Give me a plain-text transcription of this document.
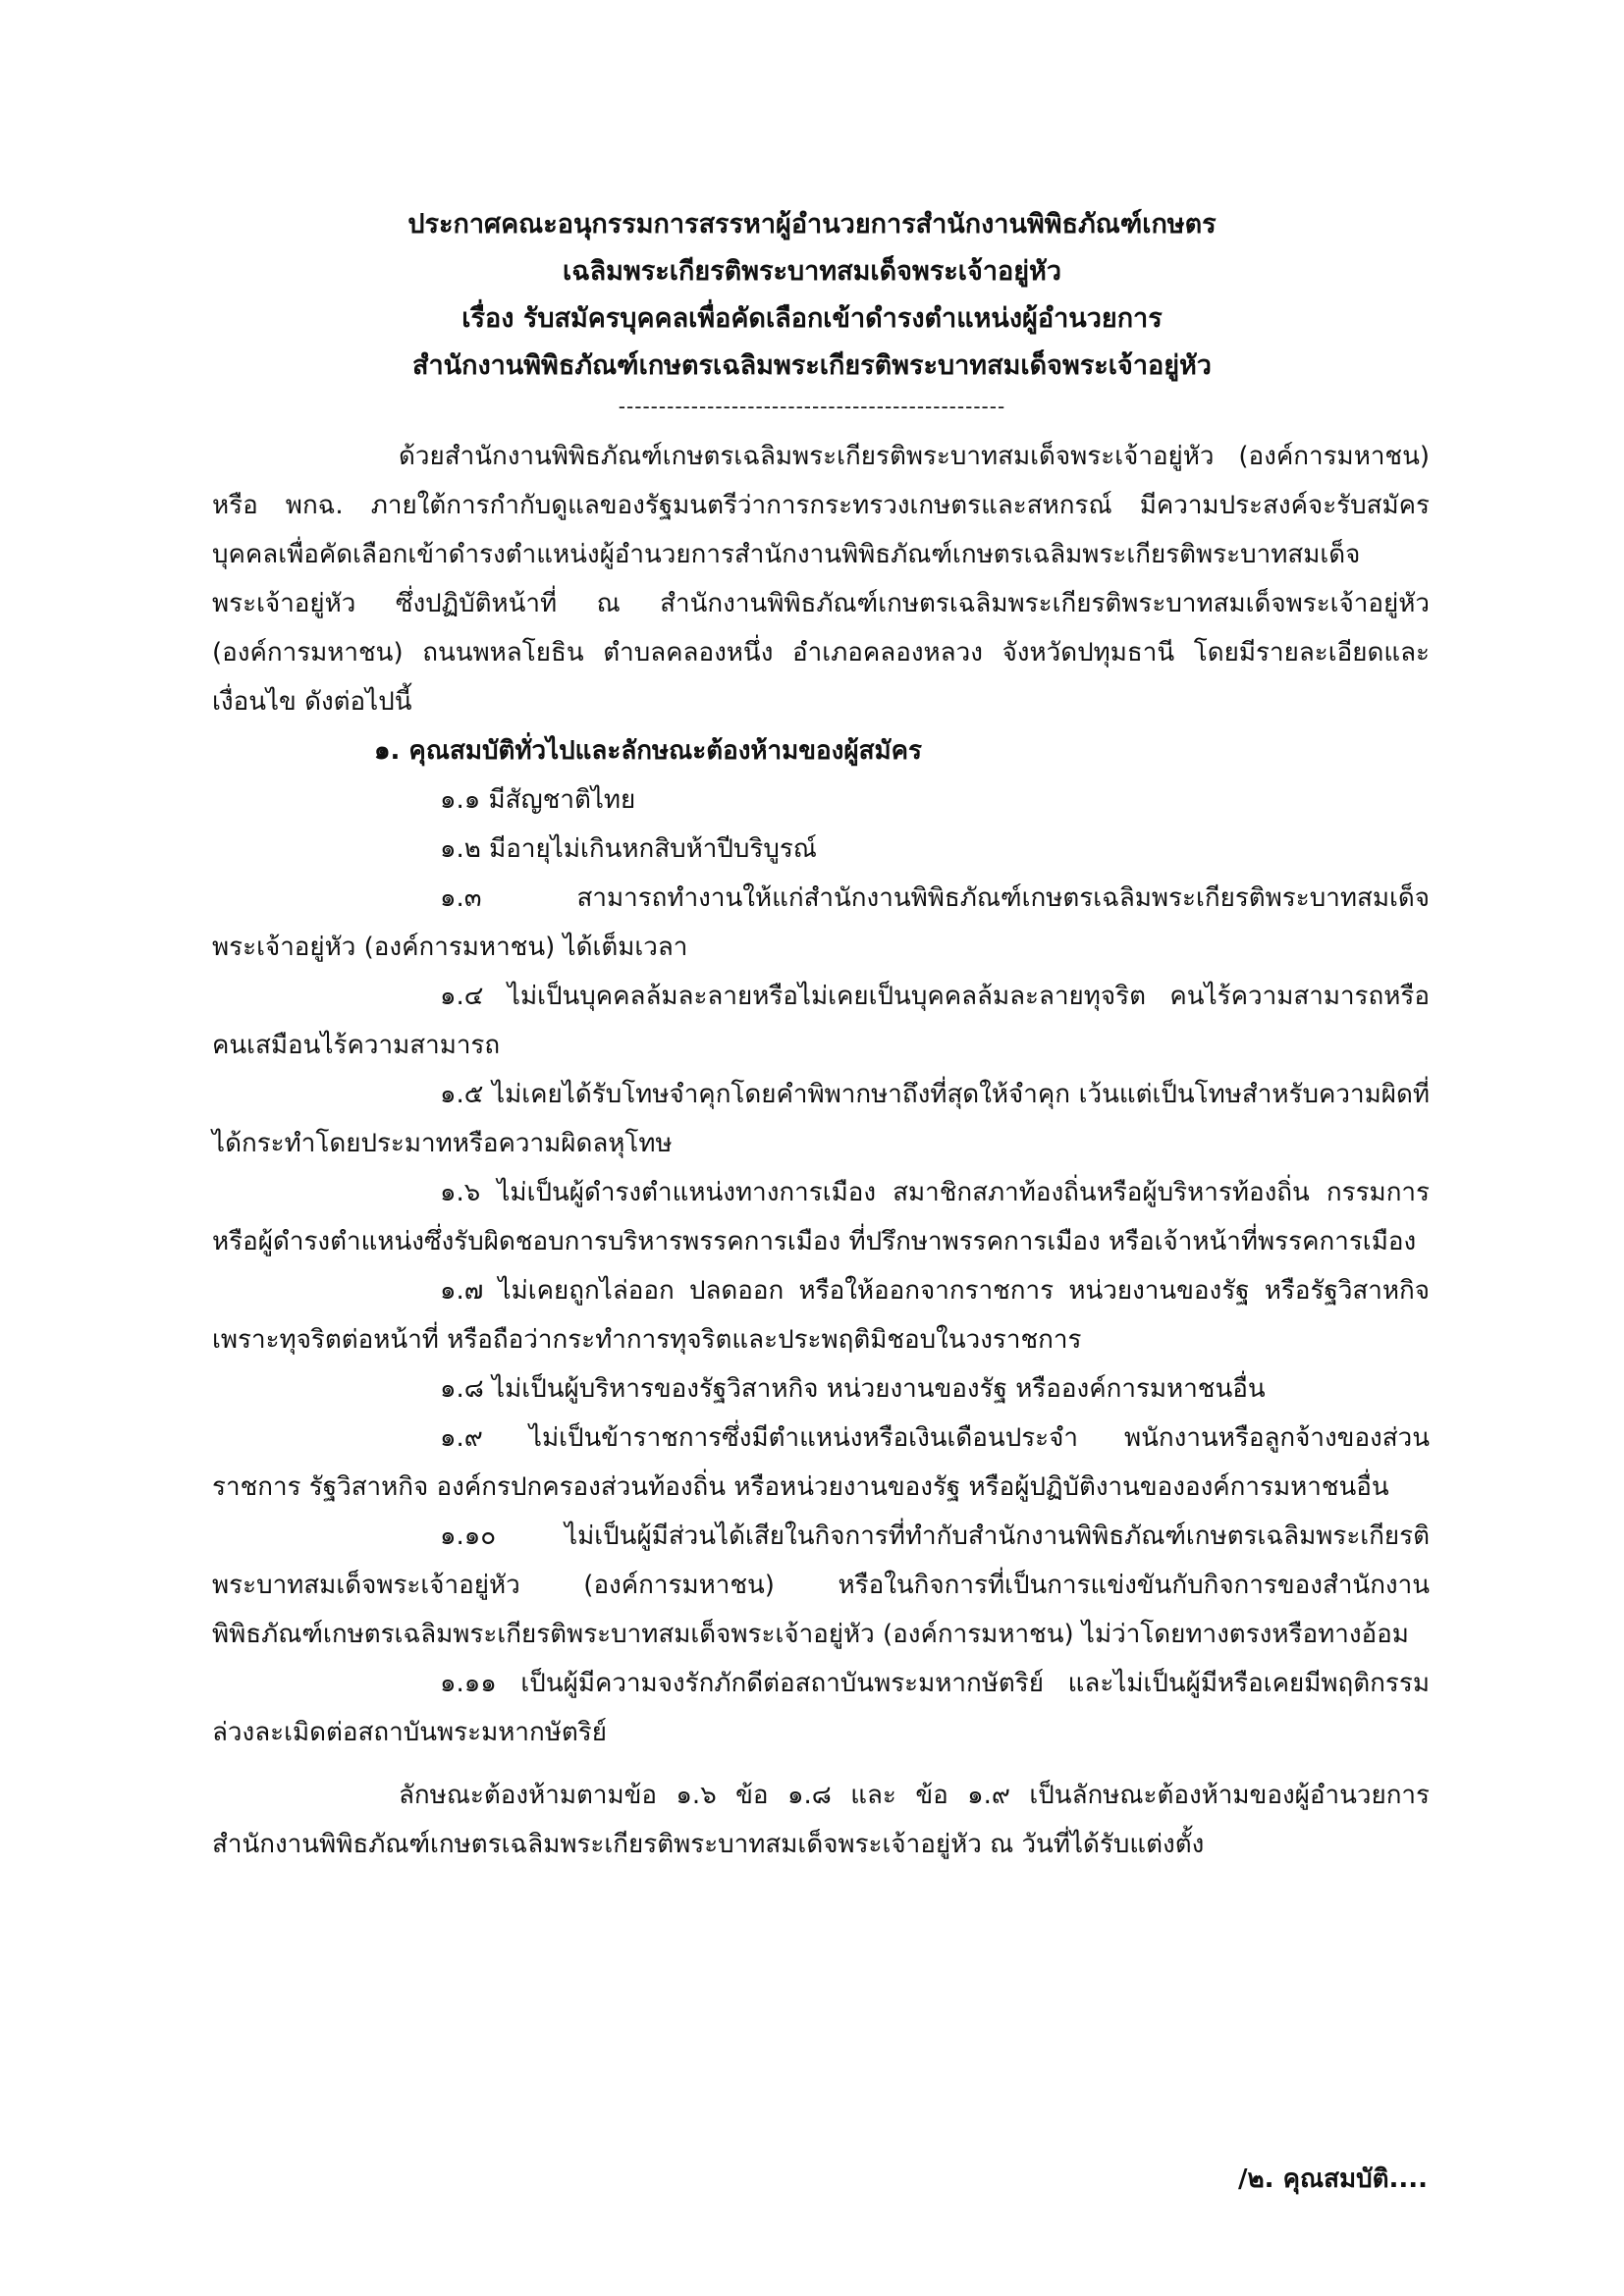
ประกาศคณะอนุกรรมการสรรหาผู้อำนวยการสำนักงานพิพิธภัณฑ์เกษตร
เฉลิมพระเกียรติพระบาทสมเด็จพระเจ้าอยู่หัว
เรื่อง รับสมัครบุคคลเพื่อคัดเลือกเข้าดำรงตำแหน่งผู้อำนวยการ
สำนักงานพิพิธภัณฑ์เกษตรเฉลิมพระเกียรติพระบาทสมเด็จพระเจ้าอยู่หัว
------------------------------------------------

ด้วยสำนักงานพิพิธภัณฑ์เกษตรเฉลิมพระเกียรติพระบาทสมเด็จพระเจ้าอยู่หัว (องค์การมหาชน) หรือ พกฉ. ภายใต้การกำกับดูแลของรัฐมนตรีว่าการกระทรวงเกษตรและสหกรณ์ มีความประสงค์จะรับสมัครบุคคลเพื่อคัดเลือกเข้าดำรงตำแหน่งผู้อำนวยการสำนักงานพิพิธภัณฑ์เกษตรเฉลิมพระเกียรติพระบาทสมเด็จพระเจ้าอยู่หัว ซึ่งปฏิบัติหน้าที่ ณ สำนักงานพิพิธภัณฑ์เกษตรเฉลิมพระเกียรติพระบาทสมเด็จพระเจ้าอยู่หัว (องค์การมหาชน) ถนนพหลโยธิน ตำบลคลองหนึ่ง อำเภอคลองหลวง จังหวัดปทุมธานี โดยมีรายละเอียดและเงื่อนไข ดังต่อไปนี้

๑. คุณสมบัติทั่วไปและลักษณะต้องห้ามของผู้สมัคร

๑.๑ มีสัญชาติไทย

๑.๒ มีอายุไม่เกินหกสิบห้าปีบริบูรณ์

๑.๓ สามารถทำงานให้แก่สำนักงานพิพิธภัณฑ์เกษตรเฉลิมพระเกียรติพระบาทสมเด็จพระเจ้าอยู่หัว (องค์การมหาชน) ได้เต็มเวลา

๑.๔ ไม่เป็นบุคคลล้มละลายหรือไม่เคยเป็นบุคคลล้มละลายทุจริต คนไร้ความสามารถหรือคนเสมือนไร้ความสามารถ

๑.๕ ไม่เคยได้รับโทษจำคุกโดยคำพิพากษาถึงที่สุดให้จำคุก เว้นแต่เป็นโทษสำหรับความผิดที่ได้กระทำโดยประมาทหรือความผิดลหุโทษ

๑.๖ ไม่เป็นผู้ดำรงตำแหน่งทางการเมือง สมาชิกสภาท้องถิ่นหรือผู้บริหารท้องถิ่น กรรมการหรือผู้ดำรงตำแหน่งซึ่งรับผิดชอบการบริหารพรรคการเมือง ที่ปรึกษาพรรคการเมือง หรือเจ้าหน้าที่พรรคการเมือง

๑.๗ ไม่เคยถูกไล่ออก ปลดออก หรือให้ออกจากราชการ หน่วยงานของรัฐ หรือรัฐวิสาหกิจ เพราะทุจริตต่อหน้าที่ หรือถือว่ากระทำการทุจริตและประพฤติมิชอบในวงราชการ

๑.๘ ไม่เป็นผู้บริหารของรัฐวิสาหกิจ หน่วยงานของรัฐ หรือองค์การมหาชนอื่น

๑.๙ ไม่เป็นข้าราชการซึ่งมีตำแหน่งหรือเงินเดือนประจำ พนักงานหรือลูกจ้างของส่วนราชการ รัฐวิสาหกิจ องค์กรปกครองส่วนท้องถิ่น หรือหน่วยงานของรัฐ หรือผู้ปฏิบัติงานขององค์การมหาชนอื่น

๑.๑๐ ไม่เป็นผู้มีส่วนได้เสียในกิจการที่ทำกับสำนักงานพิพิธภัณฑ์เกษตรเฉลิมพระเกียรติพระบาทสมเด็จพระเจ้าอยู่หัว (องค์การมหาชน) หรือในกิจการที่เป็นการแข่งขันกับกิจการของสำนักงานพิพิธภัณฑ์เกษตรเฉลิมพระเกียรติพระบาทสมเด็จพระเจ้าอยู่หัว (องค์การมหาชน) ไม่ว่าโดยทางตรงหรือทางอ้อม

๑.๑๑ เป็นผู้มีความจงรักภักดีต่อสถาบันพระมหากษัตริย์ และไม่เป็นผู้มีหรือเคยมีพฤติกรรมล่วงละเมิดต่อสถาบันพระมหากษัตริย์

ลักษณะต้องห้ามตามข้อ ๑.๖ ข้อ ๑.๘ และ ข้อ ๑.๙ เป็นลักษณะต้องห้ามของผู้อำนวยการสำนักงานพิพิธภัณฑ์เกษตรเฉลิมพระเกียรติพระบาทสมเด็จพระเจ้าอยู่หัว ณ วันที่ได้รับแต่งตั้ง

/๒. คุณสมบัติ....
